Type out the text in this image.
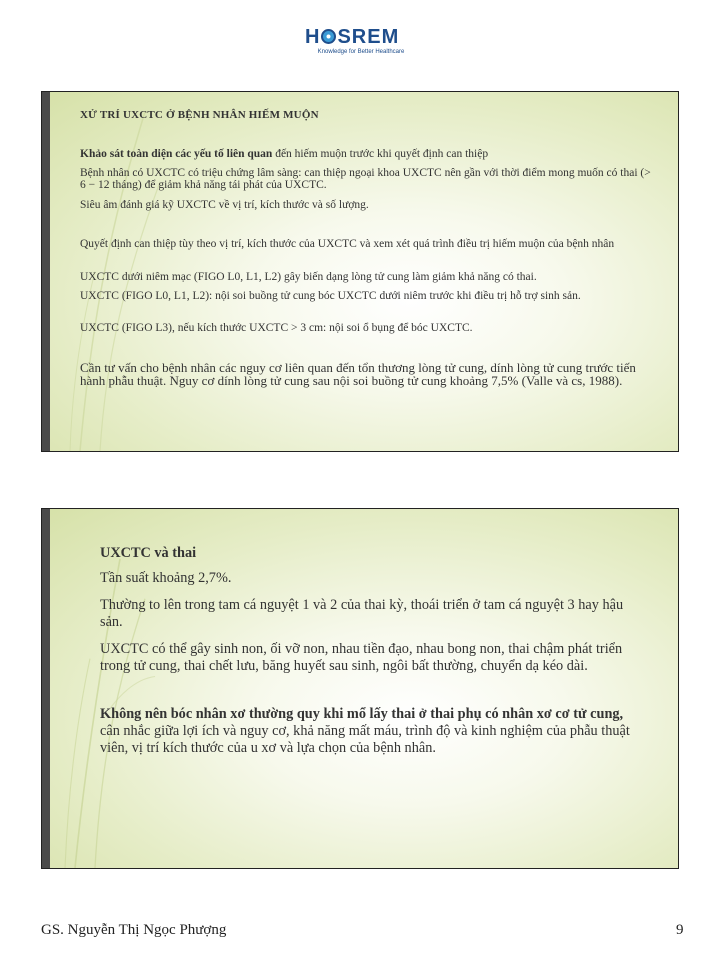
H SREM
Knowledge for Better Healthcare
XỬ TRÍ UXCTC Ở BỆNH NHÂN HIẾM MUỘN

Khảo sát toàn diện các yếu tố liên quan đến hiếm muộn trước khi quyết định can thiệp

Bệnh nhân có UXCTC có triệu chứng lâm sàng: can thiệp ngoại khoa UXCTC nên gần với thời điểm mong muốn có thai (> 6 − 12 tháng) để giảm khả năng tái phát của UXCTC.

Siêu âm đánh giá kỹ UXCTC về vị trí, kích thước và số lượng.

Quyết định can thiệp tùy theo vị trí, kích thước của UXCTC và xem xét quá trình điều trị hiếm muộn của bệnh nhân

UXCTC dưới niêm mạc (FIGO L0, L1, L2) gây biến dạng lòng tử cung làm giảm khả năng có thai.

UXCTC (FIGO L0, L1, L2): nội soi buồng tử cung bóc UXCTC dưới niêm trước khi điều trị hỗ trợ sinh sản.

UXCTC (FIGO L3), nếu kích thước UXCTC > 3 cm: nội soi ổ bụng để bóc UXCTC.

Cần tư vấn cho bệnh nhân các nguy cơ liên quan đến tổn thương lòng tử cung, dính lòng tử cung trước tiến hành phẫu thuật. Nguy cơ dính lòng tử cung sau nội soi buồng tử cung khoảng 7,5% (Valle và cs, 1988).

UXCTC và thai

Tần suất khoảng 2,7%.

Thường to lên trong tam cá nguyệt 1 và 2 của thai kỳ, thoái triển ở tam cá nguyệt 3 hay hậu sản.

UXCTC có thể gây sinh non, ối vỡ non, nhau tiền đạo, nhau bong non, thai chậm phát triển trong tử cung, thai chết lưu, băng huyết sau sinh, ngôi bất thường, chuyển dạ kéo dài.

Không nên bóc nhân xơ thường quy khi mổ lấy thai ở thai phụ có nhân xơ cơ tử cung, cân nhắc giữa lợi ích và nguy cơ, khả năng mất máu, trình độ và kinh nghiệm của phẫu thuật viên, vị trí kích thước của u xơ và lựa chọn của bệnh nhân.

GS. Nguyễn Thị Ngọc Phượng	9
